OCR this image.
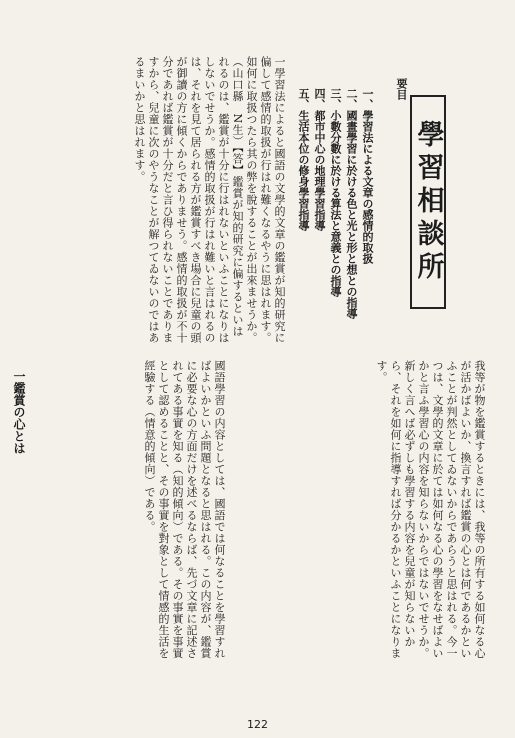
學習相談所
要目
一、學習法による文章の感情的取扱
二、國畫學習に於ける色と光と形と想との指導
三、小數分數に於ける算法と意義との指導
四、都市中心の地理學習指導
五、生活本位の修身學習指導
一學習法によると國語の文學的文章の鑑賞が知的研究に偏して感情的取扱が行はれ難くなるやうに思はれます。如何に取扱つたら其の弊を脫することが出來ませうか。（山口縣　N生）【答】鑑賞が知的研究に偏するといはれるのは、鑑賞が十分に行はれないといふことになりはしないでせうか。感情的取扱が行はれ難いと言はれるのは、それを見て居られる方が鑑賞すべき場合に兒童の頭が御讀の方に傾くからでありませう。感情的取扱が不十分であれば鑑賞が十分だと言ひ得られないことでありますから、兒童に次のやうなことが解つてゐないのではあるまいかと思はれます。
我等が物を鑑賞するときには、我等の所有する如何なる心が活かばよいか、換言すれば鑑賞の心とは何であるかといふことが判然としてゐないからであらうと思はれる。今一つは、文學的文章に於ては如何なる心の學習をなせばよいかと言ふ學習心の内容を知らないからではないでせうか。新しく言へば必ずしも學習する内容を兒童が知らないから、それを如何に指導すれば分かるかといふことになります。
國語學習の内容としては、國語では何なることを學習すればよいかといふ問題となると思はれる。この内容が、鑑賞に必要な心の方面だけを述べるならば、先づ文章に記述されてある事實を知る（知的傾向）である。その事實を事實として認めることと、その事實を對象として情感的生活を經驗する（情意的傾向）である。
一鑑賞の心とは
122
